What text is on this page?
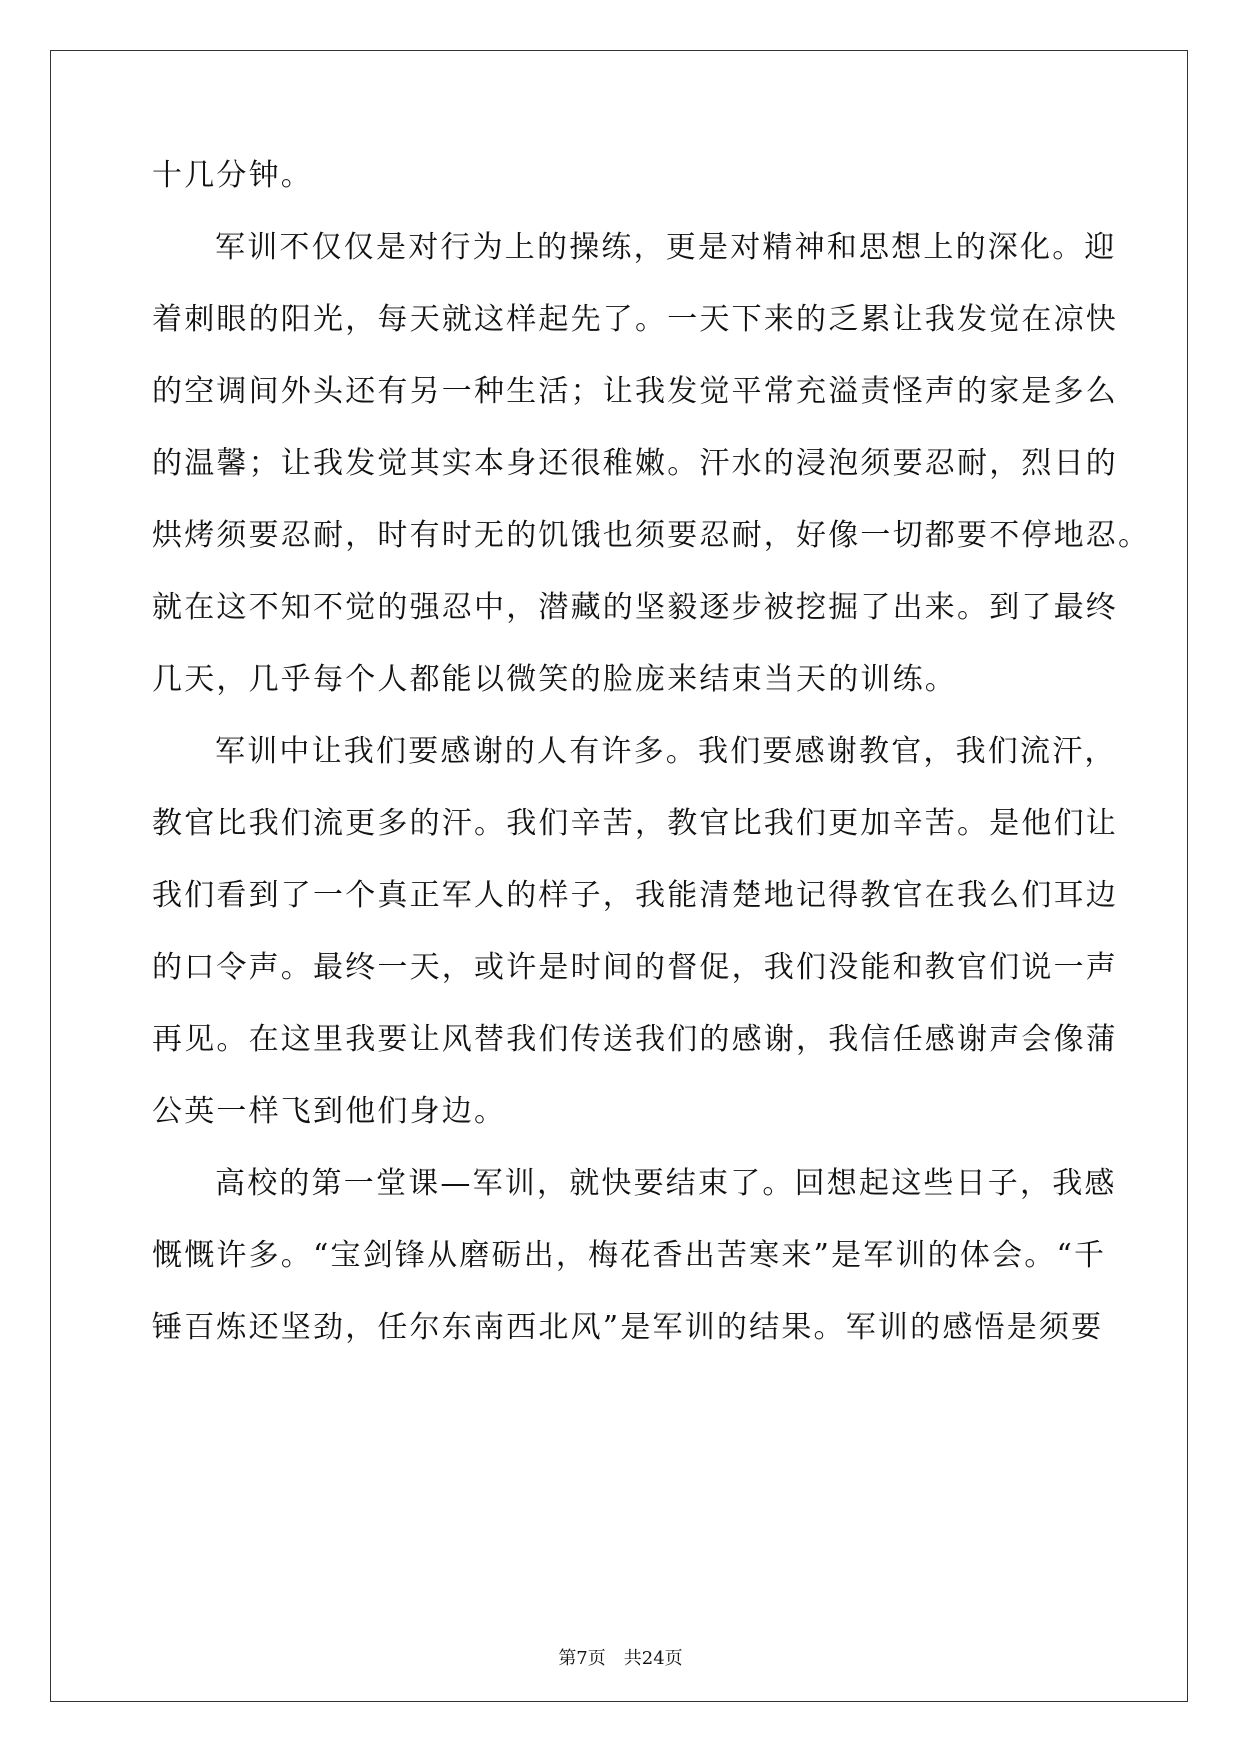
十几分钟。
军训不仅仅是对行为上的操练，更是对精神和思想上的深化。迎
着刺眼的阳光，每天就这样起先了。一天下来的乏累让我发觉在凉快
的空调间外头还有另一种生活；让我发觉平常充溢责怪声的家是多么
的温馨；让我发觉其实本身还很稚嫩。汗水的浸泡须要忍耐，烈日的
烘烤须要忍耐，时有时无的饥饿也须要忍耐，好像一切都要不停地忍。
就在这不知不觉的强忍中，潜藏的坚毅逐步被挖掘了出来。到了最终
几天，几乎每个人都能以微笑的脸庞来结束当天的训练。
军训中让我们要感谢的人有许多。我们要感谢教官，我们流汗，
教官比我们流更多的汗。我们辛苦，教官比我们更加辛苦。是他们让
我们看到了一个真正军人的样子，我能清楚地记得教官在我么们耳边
的口令声。最终一天，或许是时间的督促，我们没能和教官们说一声
再见。在这里我要让风替我们传送我们的感谢，我信任感谢声会像蒲
公英一样飞到他们身边。
高校的第一堂课—军训，就快要结束了。回想起这些日子，我感
慨慨许多。“宝剑锋从磨砺出，梅花香出苦寒来”是军训的体会。“千
锤百炼还坚劲，任尔东南西北风”是军训的结果。军训的感悟是须要
第7页 共24页
